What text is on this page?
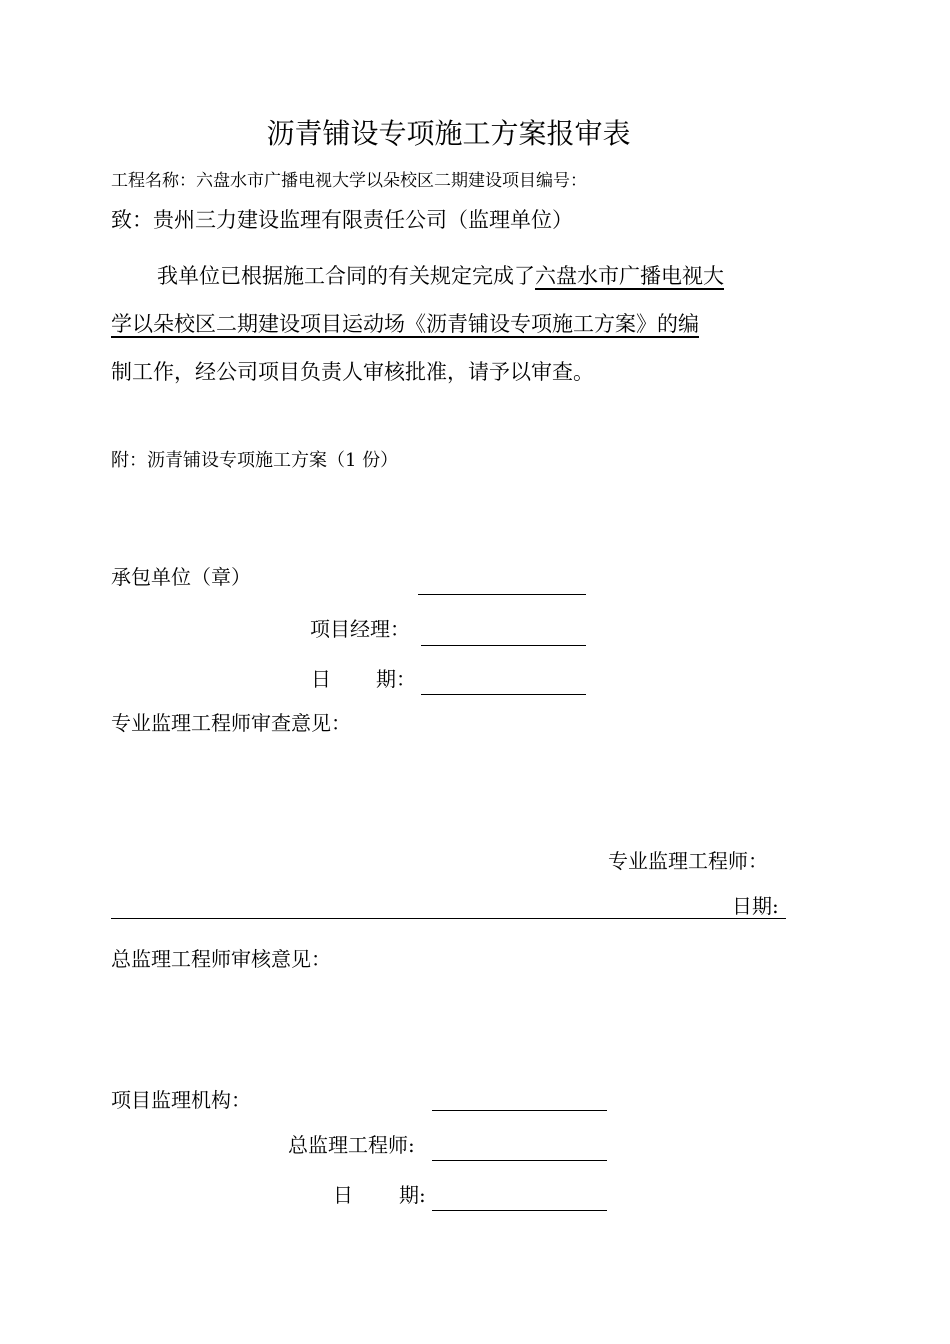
沥青铺设专项施工方案报审表
工程名称：六盘水市广播电视大学以朵校区二期建设项目编号：
致：贵州三力建设监理有限责任公司（监理单位）

我单位已根据施工合同的有关规定完成了六盘水市广播电视大
学以朵校区二期建设项目运动场《沥青铺设专项施工方案》的编
制工作，经公司项目负责人审核批准，请予以审查。

附：沥青铺设专项施工方案（1 份）
承包单位（章）
项目经理：
日 期：
专业监理工程师审查意见：
专业监理工程师：
日期:
总监理工程师审核意见：
项目监理机构：
总监理工程师:
日 期:
